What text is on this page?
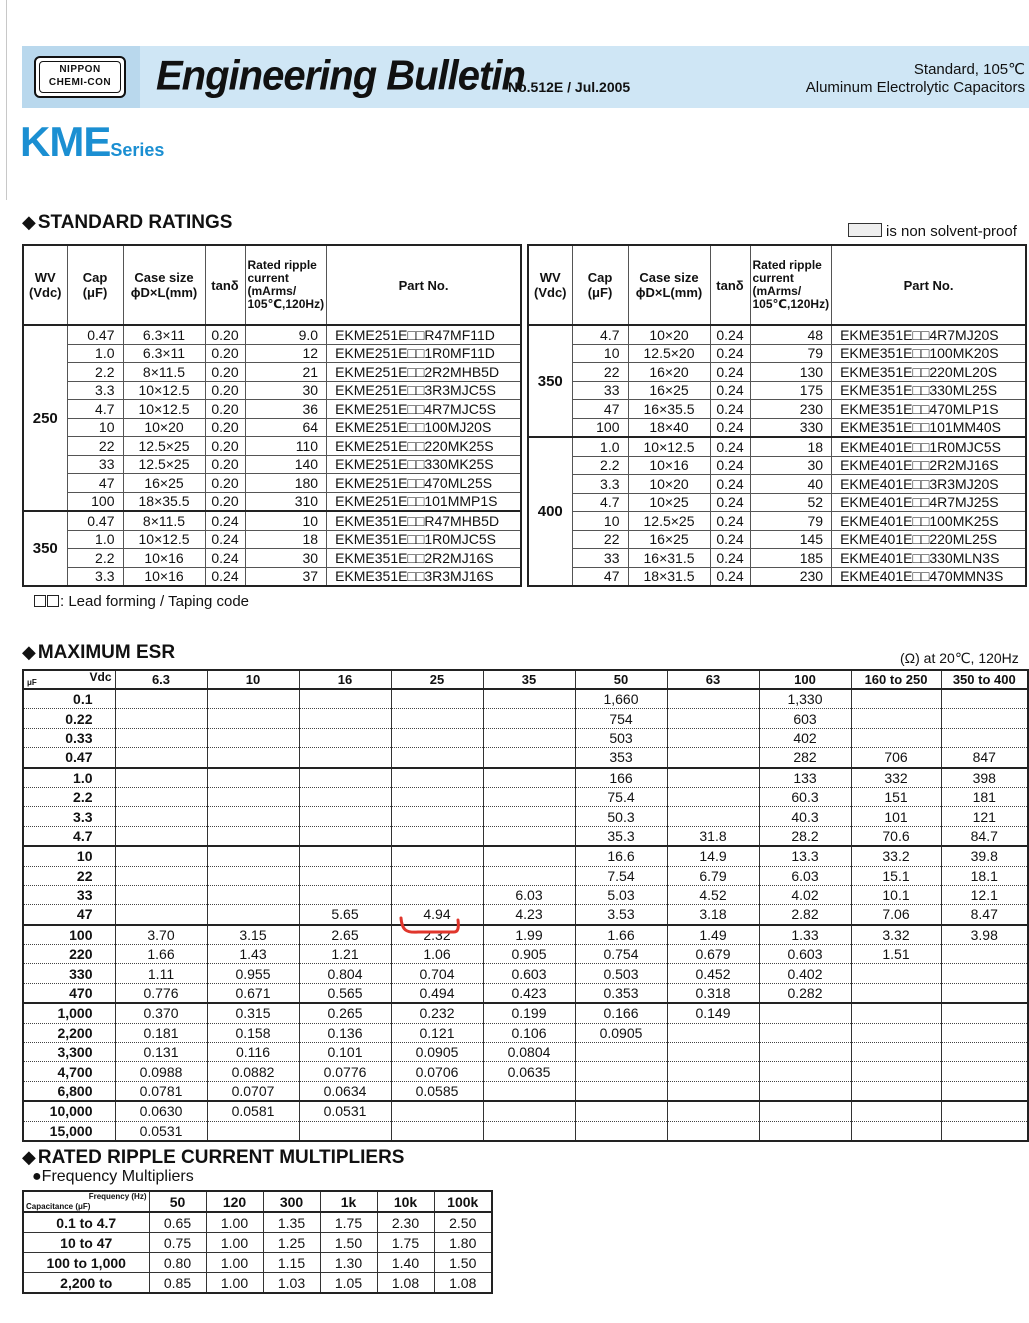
NIPPON
CHEMI-CON	Engineering Bulletin
No.512E / Jul.2005
Standard, 105℃
Aluminum Electrolytic Capacitors
KMESeries
◆ STANDARD RATINGS	is non solvent-proof
WV
(Vdc)	Cap
(μF)	Case size
ϕD×L(mm)	tanδ	Rated ripple
current
(mArms/
105℃,120Hz)	Part No.
250	0.47	6.3×11	0.20	9.0	EKME251E□□R47MF11D
	1.0	6.3×11	0.20	12	EKME251E□□1R0MF11D
	2.2	8×11.5	0.20	21	EKME251E□□2R2MHB5D
	3.3	10×12.5	0.20	30	EKME251E□□3R3MJC5S
	4.7	10×12.5	0.20	36	EKME251E□□4R7MJC5S
	10	10×20	0.20	64	EKME251E□□100MJ20S
	22	12.5×25	0.20	110	EKME251E□□220MK25S
	33	12.5×25	0.20	140	EKME251E□□330MK25S
	47	16×25	0.20	180	EKME251E□□470ML25S
	100	18×35.5	0.20	310	EKME251E□□101MMP1S
350	0.47	8×11.5	0.24	10	EKME351E□□R47MHB5D
	1.0	10×12.5	0.24	18	EKME351E□□1R0MJC5S
	2.2	10×16	0.24	30	EKME351E□□2R2MJ16S
	3.3	10×16	0.24	37	EKME351E□□3R3MJ16S
WV
(Vdc)	Cap
(μF)	Case size
ϕD×L(mm)	tanδ	Rated ripple
current
(mArms/
105℃,120Hz)	Part No.
350	4.7	10×20	0.24	48	EKME351E□□4R7MJ20S
	10	12.5×20	0.24	79	EKME351E□□100MK20S
	22	16×20	0.24	130	EKME351E□□220ML20S
	33	16×25	0.24	175	EKME351E□□330ML25S
	47	16×35.5	0.24	230	EKME351E□□470MLP1S
	100	18×40	0.24	330	EKME351E□□101MM40S
400	1.0	10×12.5	0.24	18	EKME401E□□1R0MJC5S
	2.2	10×16	0.24	30	EKME401E□□2R2MJ16S
	3.3	10×20	0.24	40	EKME401E□□3R3MJ20S
	4.7	10×25	0.24	52	EKME401E□□4R7MJ25S
	10	12.5×25	0.24	79	EKME401E□□100MK25S
	22	16×25	0.24	145	EKME401E□□220ML25S
	33	16×31.5	0.24	185	EKME401E□□330MLN3S
	47	18×31.5	0.24	230	EKME401E□□470MMN3S
: Lead forming / Taping code
◆ MAXIMUM ESR	(Ω) at 20℃, 120Hz
μF Vdc	6.3	10	16	25	35	50	63	100	160 to 250	350 to 400
0.1						1,660		1,330		
0.22						754		603		
0.33						503		402		
0.47						353		282	706	847
1.0						166		133	332	398
2.2						75.4		60.3	151	181
3.3						50.3		40.3	101	121
4.7						35.3	31.8	28.2	70.6	84.7
10						16.6	14.9	13.3	33.2	39.8
22						7.54	6.79	6.03	15.1	18.1
33					6.03	5.03	4.52	4.02	10.1	12.1
47			5.65	4.94	4.23	3.53	3.18	2.82	7.06	8.47
100	3.70	3.15	2.65	2.32	1.99	1.66	1.49	1.33	3.32	3.98
220	1.66	1.43	1.21	1.06	0.905	0.754	0.679	0.603	1.51	
330	1.11	0.955	0.804	0.704	0.603	0.503	0.452	0.402		
470	0.776	0.671	0.565	0.494	0.423	0.353	0.318	0.282		
1,000	0.370	0.315	0.265	0.232	0.199	0.166	0.149			
2,200	0.181	0.158	0.136	0.121	0.106	0.0905				
3,300	0.131	0.116	0.101	0.0905	0.0804					
4,700	0.0988	0.0882	0.0776	0.0706	0.0635					
6,800	0.0781	0.0707	0.0634	0.0585						
10,000	0.0630	0.0581	0.0531							
15,000	0.0531									
◆ RATED RIPPLE CURRENT MULTIPLIERS
●Frequency Multipliers
Frequency (Hz)
Capacitance (μF)	50	120	300	1k	10k	100k
0.1 to 4.7	0.65	1.00	1.35	1.75	2.30	2.50
10 to 47	0.75	1.00	1.25	1.50	1.75	1.80
100 to 1,000	0.80	1.00	1.15	1.30	1.40	1.50
2,200 to	0.85	1.00	1.03	1.05	1.08	1.08
